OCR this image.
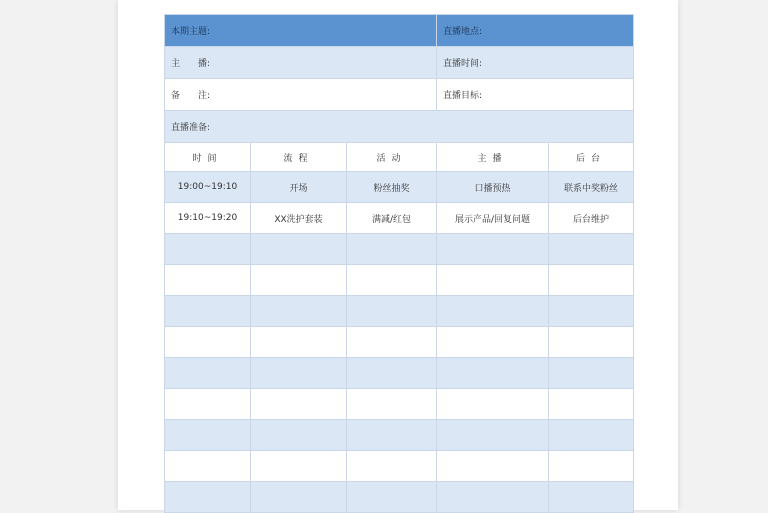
本期主题:			直播地点:	
主　　播:			直播时间:	
备　　注:			直播目标:	
直播准备:				
时间	流程	活动	主播	后台
19:00~19:10	开场	粉丝抽奖	口播预热	联系中奖粉丝
19:10~19:20	XX洗护套装	满减/红包	展示产品/回复问题	后台维护
